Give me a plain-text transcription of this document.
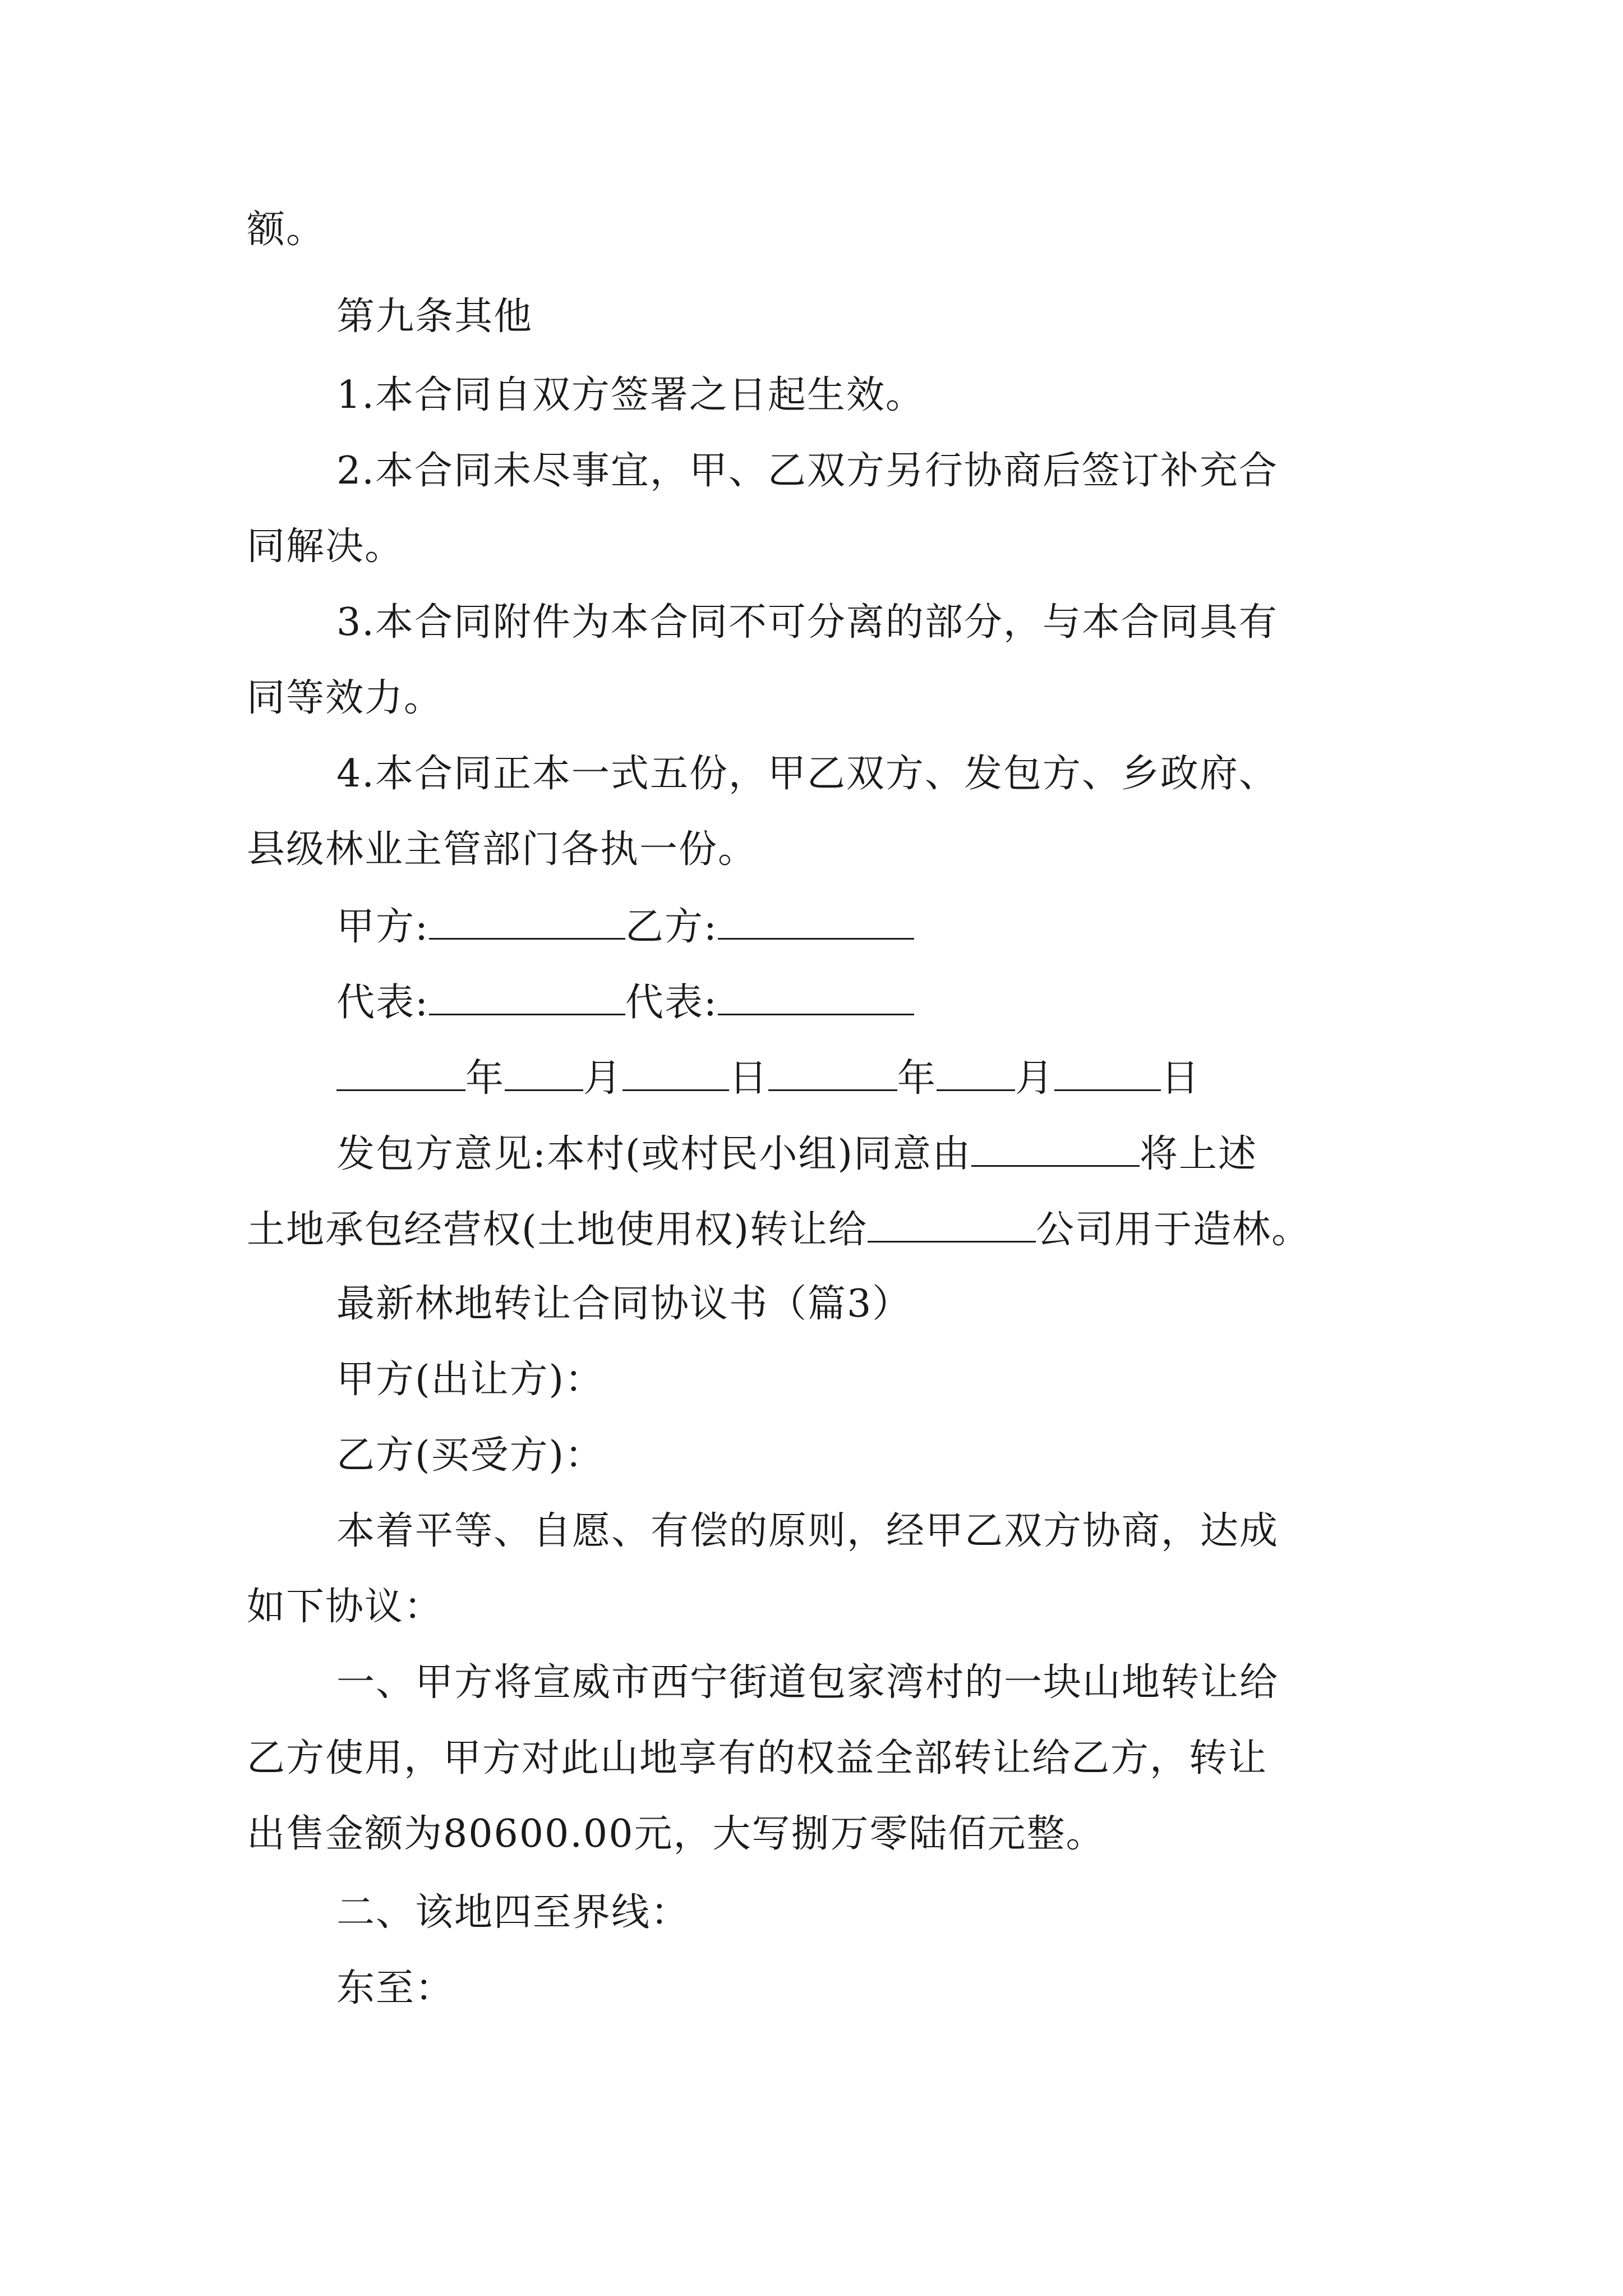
额。
第九条其他
1.本合同自双方签署之日起生效。
2.本合同未尽事宜，甲、乙双方另行协商后签订补充合
同解决。
3.本合同附件为本合同不可分离的部分，与本合同具有
同等效力。
4.本合同正本一式五份，甲乙双方、发包方、乡政府、
县级林业主管部门各执一份。
甲方:	乙方:
代表:	代表:
年 月	日	年 月	日
发包方意见:本村(或村民小组)同意由	将上述
土地承包经营权(土地使用权)转让给	公司用于造林。
最新林地转让合同协议书（篇3）
甲方(出让方)：
乙方(买受方)：
本着平等、自愿、有偿的原则，经甲乙双方协商，达成
如下协议：
一、甲方将宣威市西宁街道包家湾村的一块山地转让给
乙方使用，甲方对此山地享有的权益全部转让给乙方，转让
出售金额为80600.00元，大写捌万零陆佰元整。
二、该地四至界线：
东至：
